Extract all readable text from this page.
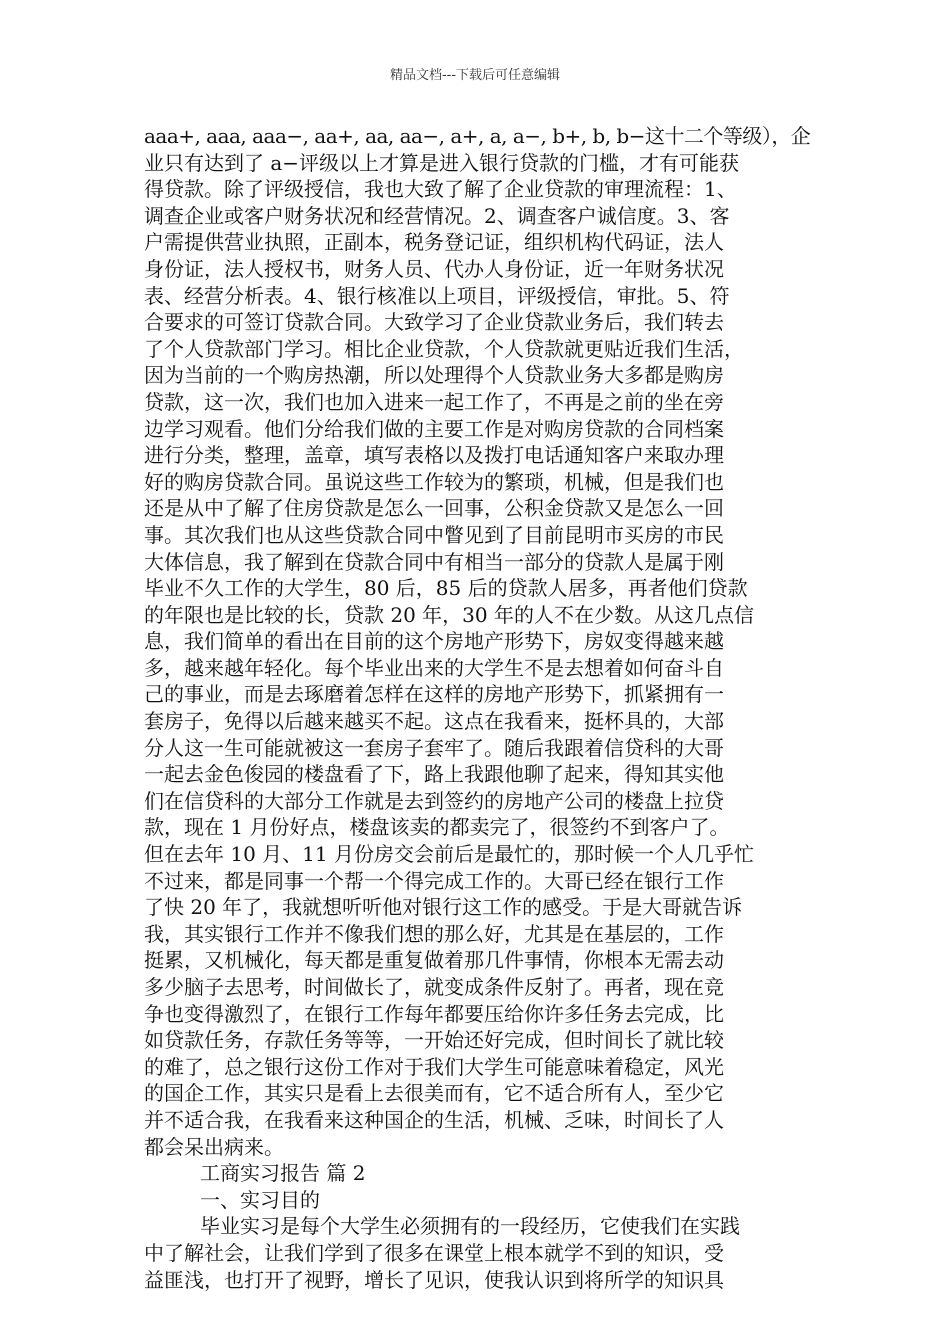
精品文档---下载后可任意编辑

aaa+, aaa, aaa−, aa+, aa, aa−, a+, a, a−, b+, b, b−这十二个等级），企

业只有达到了 a−评级以上才算是进入银行贷款的门槛，才有可能获

得贷款。除了评级授信，我也大致了解了企业贷款的审理流程：1、

调查企业或客户财务状况和经营情况。2、调查客户诚信度。3、客

户需提供营业执照，正副本，税务登记证，组织机构代码证，法人

身份证，法人授权书，财务人员、代办人身份证，近一年财务状况

表、经营分析表。4、银行核准以上项目，评级授信，审批。5、符

合要求的可签订贷款合同。大致学习了企业贷款业务后，我们转去

了个人贷款部门学习。相比企业贷款，个人贷款就更贴近我们生活，

因为当前的一个购房热潮，所以处理得个人贷款业务大多都是购房

贷款，这一次，我们也加入进来一起工作了，不再是之前的坐在旁

边学习观看。他们分给我们做的主要工作是对购房贷款的合同档案

进行分类，整理，盖章，填写表格以及拨打电话通知客户来取办理

好的购房贷款合同。虽说这些工作较为的繁琐，机械，但是我们也

还是从中了解了住房贷款是怎么一回事，公积金贷款又是怎么一回

事。其次我们也从这些贷款合同中瞥见到了目前昆明市买房的市民

大体信息，我了解到在贷款合同中有相当一部分的贷款人是属于刚

毕业不久工作的大学生，80 后，85 后的贷款人居多，再者他们贷款

的年限也是比较的长，贷款 20 年，30 年的人不在少数。从这几点信

息，我们简单的看出在目前的这个房地产形势下，房奴变得越来越

多，越来越年轻化。每个毕业出来的大学生不是去想着如何奋斗自

己的事业，而是去琢磨着怎样在这样的房地产形势下，抓紧拥有一

套房子，免得以后越来越买不起。这点在我看来，挺杯具的，大部

分人这一生可能就被这一套房子套牢了。随后我跟着信贷科的大哥

一起去金色俊园的楼盘看了下，路上我跟他聊了起来，得知其实他

们在信贷科的大部分工作就是去到签约的房地产公司的楼盘上拉贷

款，现在 1 月份好点，楼盘该卖的都卖完了，很签约不到客户了。

但在去年 10 月、11 月份房交会前后是最忙的，那时候一个人几乎忙

不过来，都是同事一个帮一个得完成工作的。大哥已经在银行工作

了快 20 年了，我就想听听他对银行这工作的感受。于是大哥就告诉

我，其实银行工作并不像我们想的那么好，尤其是在基层的，工作

挺累，又机械化，每天都是重复做着那几件事情，你根本无需去动

多少脑子去思考，时间做长了，就变成条件反射了。再者，现在竞

争也变得激烈了，在银行工作每年都要压给你许多任务去完成，比

如贷款任务，存款任务等等，一开始还好完成，但时间长了就比较

的难了，总之银行这份工作对于我们大学生可能意味着稳定，风光

的国企工作，其实只是看上去很美而有，它不适合所有人，至少它

并不适合我，在我看来这种国企的生活，机械、乏味，时间长了人

都会呆出病来。

工商实习报告 篇 2

一、实习目的

毕业实习是每个大学生必须拥有的一段经历，它使我们在实践

中了解社会，让我们学到了很多在课堂上根本就学不到的知识，受

益匪浅，也打开了视野，增长了见识，使我认识到将所学的知识具
